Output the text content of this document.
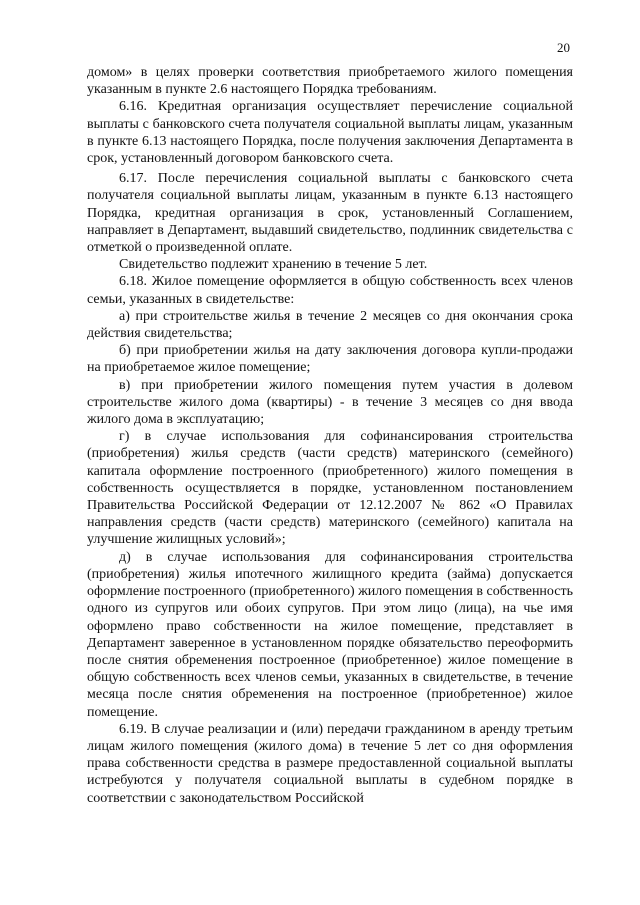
20

домом» в целях проверки соответствия приобретаемого жилого помещения указанным в пункте 2.6 настоящего Порядка требованиям.

6.16. Кредитная организация осуществляет перечисление социальной выплаты с банковского счета получателя социальной выплаты лицам, указанным в пункте 6.13 настоящего Порядка, после получения заключения Департамента в срок, установленный договором банковского счета.

6.17. После перечисления социальной выплаты с банковского счета получателя социальной выплаты лицам, указанным в пункте 6.13 настоящего Порядка, кредитная организация в срок, установленный Соглашением, направляет в Департамент, выдавший свидетельство, подлинник свидетельства с отметкой о произведенной оплате.

Свидетельство подлежит хранению в течение 5 лет.

6.18. Жилое помещение оформляется в общую собственность всех членов семьи, указанных в свидетельстве:

а) при строительстве жилья в течение 2 месяцев со дня окончания срока действия свидетельства;

б) при приобретении жилья на дату заключения договора купли-продажи на приобретаемое жилое помещение;

в) при приобретении жилого помещения путем участия в долевом строительстве жилого дома (квартиры) - в течение 3 месяцев со дня ввода жилого дома в эксплуатацию;

г) в случае использования для софинансирования строительства (приобретения) жилья средств (части средств) материнского (семейного) капитала оформление построенного (приобретенного) жилого помещения в собственность осуществляется в порядке, установленном постановлением Правительства Российской Федерации от 12.12.2007 № 862 «О Правилах направления средств (части средств) материнского (семейного) капитала на улучшение жилищных условий»;

д) в случае использования для софинансирования строительства (приобретения) жилья ипотечного жилищного кредита (займа) допускается оформление построенного (приобретенного) жилого помещения в собственность одного из супругов или обоих супругов. При этом лицо (лица), на чье имя оформлено право собственности на жилое помещение, представляет в Департамент заверенное в установленном порядке обязательство переоформить после снятия обременения построенное (приобретенное) жилое помещение в общую собственность всех членов семьи, указанных в свидетельстве, в течение месяца после снятия обременения на построенное (приобретенное) жилое помещение.

6.19. В случае реализации и (или) передачи гражданином в аренду третьим лицам жилого помещения (жилого дома) в течение 5 лет со дня оформления права собственности средства в размере предоставленной социальной выплаты истребуются у получателя социальной выплаты в судебном порядке в соответствии с законодательством Российской
